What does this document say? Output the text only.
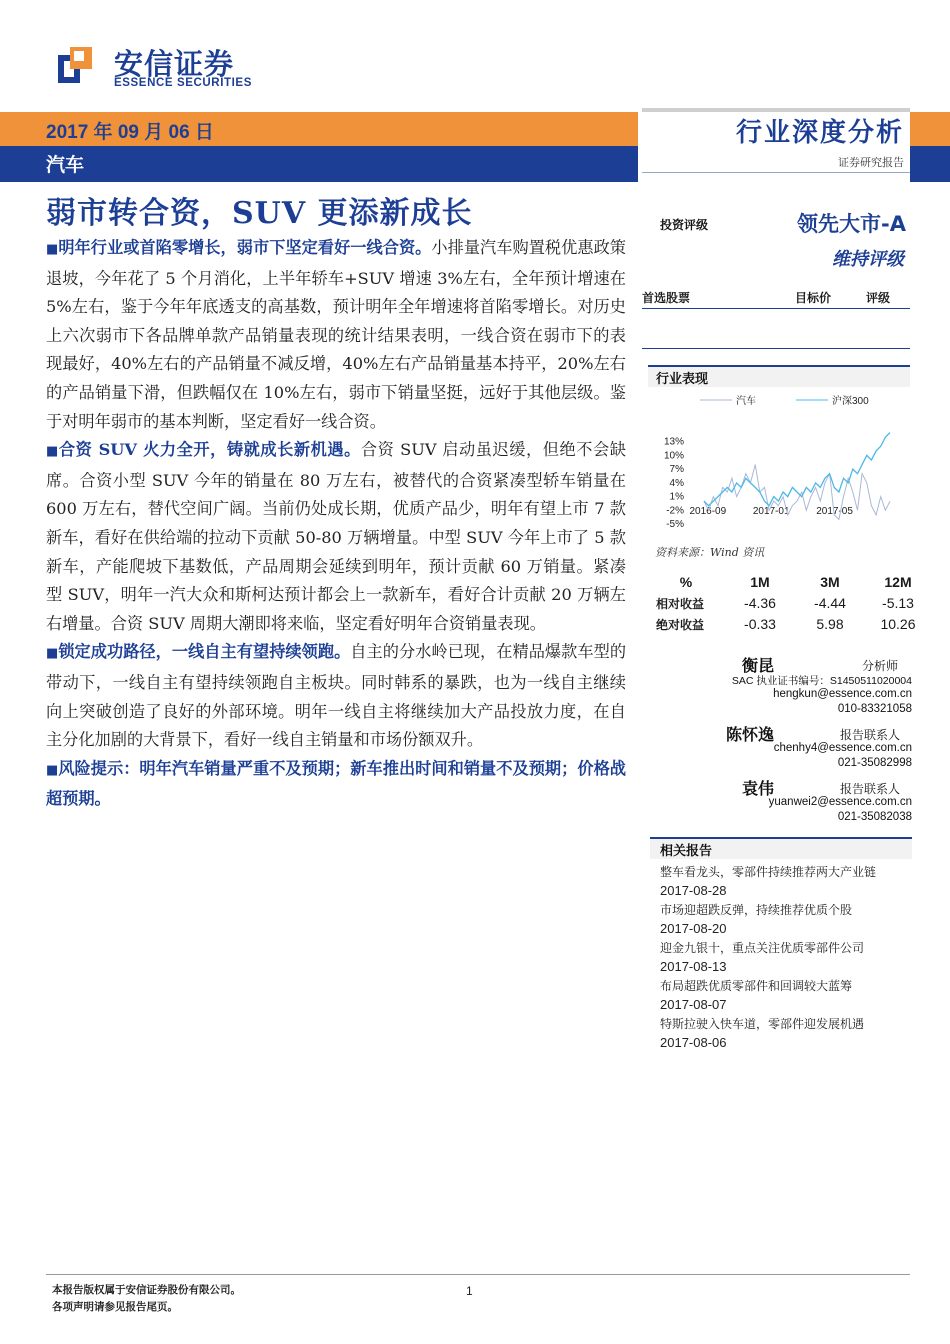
安信证券
ESSENCE SECURITIES
2017 年 09 月 06 日
汽车
行业深度分析
证券研究报告
弱市转合资，SUV 更添新成长

■明年行业或首陷零增长，弱市下坚定看好一线合资。小排量汽车购置税优惠政策退坡，今年花了 5 个月消化，上半年轿车+SUV 增速 3%左右，全年预计增速在 5%左右，鉴于今年年底透支的高基数，预计明年全年增速将首陷零增长。对历史上六次弱市下各品牌单款产品销量表现的统计结果表明，一线合资在弱市下的表现最好，40%左右的产品销量不减反增，40%左右产品销量基本持平，20%左右的产品销量下滑，但跌幅仅在 10%左右，弱市下销量坚挺，远好于其他层级。鉴于对明年弱市的基本判断，坚定看好一线合资。

■合资 SUV 火力全开，铸就成长新机遇。合资 SUV 启动虽迟缓，但绝不会缺席。合资小型 SUV 今年的销量在 80 万左右，被替代的合资紧凑型轿车销量在 600 万左右，替代空间广阔。当前仍处成长期，优质产品少，明年有望上市 7 款新车，看好在供给端的拉动下贡献 50-80 万辆增量。中型 SUV 今年上市了 5 款新车，产能爬坡下基数低，产品周期会延续到明年，预计贡献 60 万销量。紧凑型 SUV，明年一汽大众和斯柯达预计都会上一款新车，看好合计贡献 20 万辆左右增量。合资 SUV 周期大潮即将来临，坚定看好明年合资销量表现。

■锁定成功路径，一线自主有望持续领跑。自主的分水岭已现，在精品爆款车型的带动下，一线自主有望持续领跑自主板块。同时韩系的暴跌，也为一线自主继续向上突破创造了良好的外部环境。明年一线自主将继续加大产品投放力度，在自主分化加剧的大背景下，看好一线自主销量和市场份额双升。

■风险提示：明年汽车销量严重不及预期；新车推出时间和销量不及预期；价格战超预期。

投资评级	领先大市-A
维持评级
首选股票	目标价	评级
行业表现
汽车	沪深300
13%
10%
7%
4%
1%
-2%
-5%
2016-09	2017-01	2017-05
资料来源：Wind 资讯
%	1M	3M	12M
相对收益	-4.36	-4.44	-5.13
绝对收益	-0.33	5.98	10.26
衡昆	分析师
SAC 执业证书编号：S1450511020004
hengkun@essence.com.cn
010-83321058
陈怀逸	报告联系人
chenhy4@essence.com.cn
021-35082998
袁伟	报告联系人
yuanwei2@essence.com.cn
021-35082038
相关报告
整车看龙头，零部件持续推荐两大产业链 2017-08-28
市场迎超跌反弹，持续推荐优质个股
2017-08-20
迎金九银十，重点关注优质零部件公司
2017-08-13
布局超跌优质零部件和回调较大蓝筹
2017-08-07
特斯拉驶入快车道，零部件迎发展机遇
2017-08-06
本报告版权属于安信证券股份有限公司。
各项声明请参见报告尾页。
1
